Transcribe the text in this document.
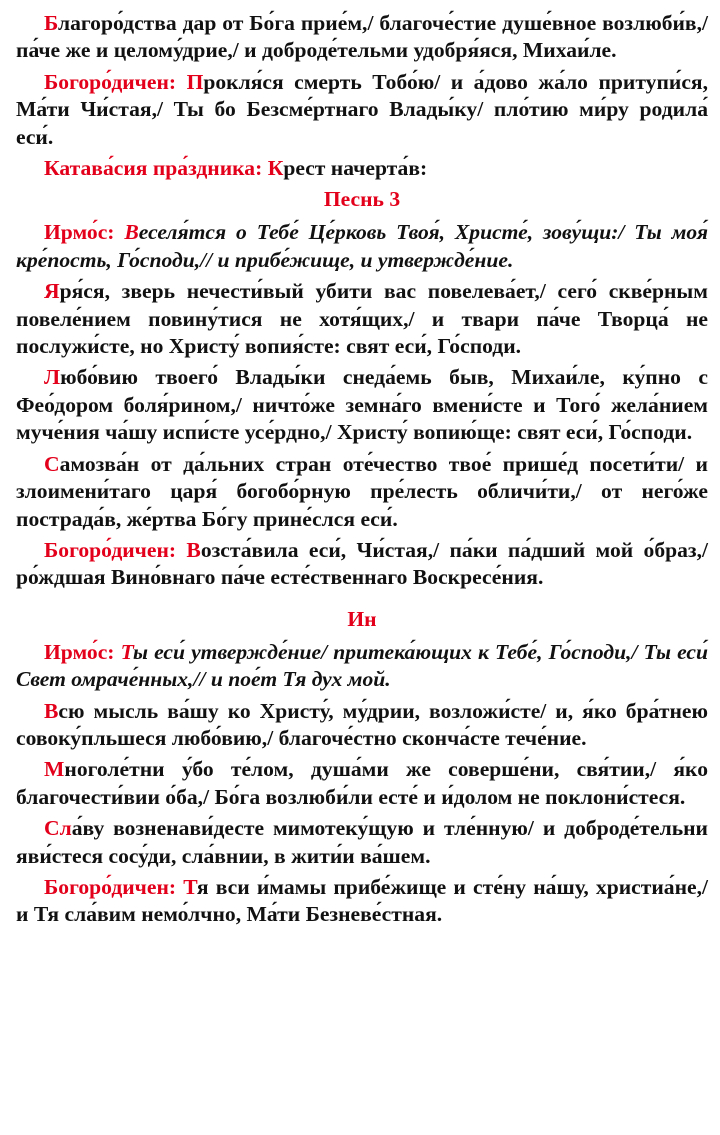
Благоро́дства дар от Бо́га прие́м,/ благоче́стие душе́вное возлюби́в,/ па́че же и целому́дрие,/ и доброде́тельми удобря́яся, Михаи́ле.

Богоро́дичен: Прокля́ся смерть Тобо́ю/ и а́дово жа́ло притупи́ся, Ма́ти Чи́стая,/ Ты бо Безсме́ртнаго Влады́ку/ пло́тию ми́ру родила́ еси́.

Катава́сия пра́здника: Крест начерта́в:

Песнь 3

Ирмо́с: Веселя́тся о Тебе́ Це́рковь Твоя́, Христе́, зову́щи:/ Ты моя́ кре́пость, Го́споди,// и прибе́жище, и утвержде́ние.

Яря́ся, зверь нечести́вый убити вас повелева́ет,/ сего́ скве́рным повеле́нием повину́тися не хотя́щих,/ и твари па́че Творца́ не послужи́сте, но Христу́ вопия́сте: свят еси́, Го́споди.

Любо́вию твоего́ Влады́ки снеда́емь быв, Михаи́ле, ку́пно с Фео́дором боля́рином,/ ничто́же земна́го вмени́сте и Того́ жела́нием муче́ния ча́шу испи́сте усе́рдно,/ Христу́ вопию́ще: свят еси́, Го́споди.

Самозва́н от да́льних стран оте́чество твое́ прише́д посети́ти/ и злоимени́таго царя́ богобо́рную пре́лесть обличи́ти,/ от него́же пострада́в, же́ртва Бо́гу прине́слся еси́.

Богоро́дичен: Возста́вила еси́, Чи́стая,/ па́ки па́дший мой о́браз,/ ро́ждшая Вино́внаго па́че есте́ственнаго Воскресе́ния.

Ин

Ирмо́с: Ты еси́ утвержде́ние/ притека́ющих к Тебе́, Го́споди,/ Ты еси́ Свет омраче́нных,// и пое́т Тя дух мой.

Всю мысль ва́шу ко Христу́, му́дрии, возложи́сте/ и, я́ко бра́тнею совоку́пльшеся любо́вию,/ благоче́стно сконча́сте тече́ние.

Многоле́тни у́бо те́лом, душа́ми же соверше́ни, свя́тии,/ я́ко благочести́вии о́ба,/ Бо́га возлюби́ли есте́ и и́долом не поклони́стеся.

Сла́ву возненави́десте мимотеку́щую и тле́нную/ и доброде́тельни яви́стеся сосу́ди, сла́внии, в жити́и ва́шем.

Богоро́дичен: Тя вси и́мамы прибе́жище и сте́ну на́шу, христиа́не,/ и Тя сла́вим немо́лчно, Ма́ти Безневе́стная.
